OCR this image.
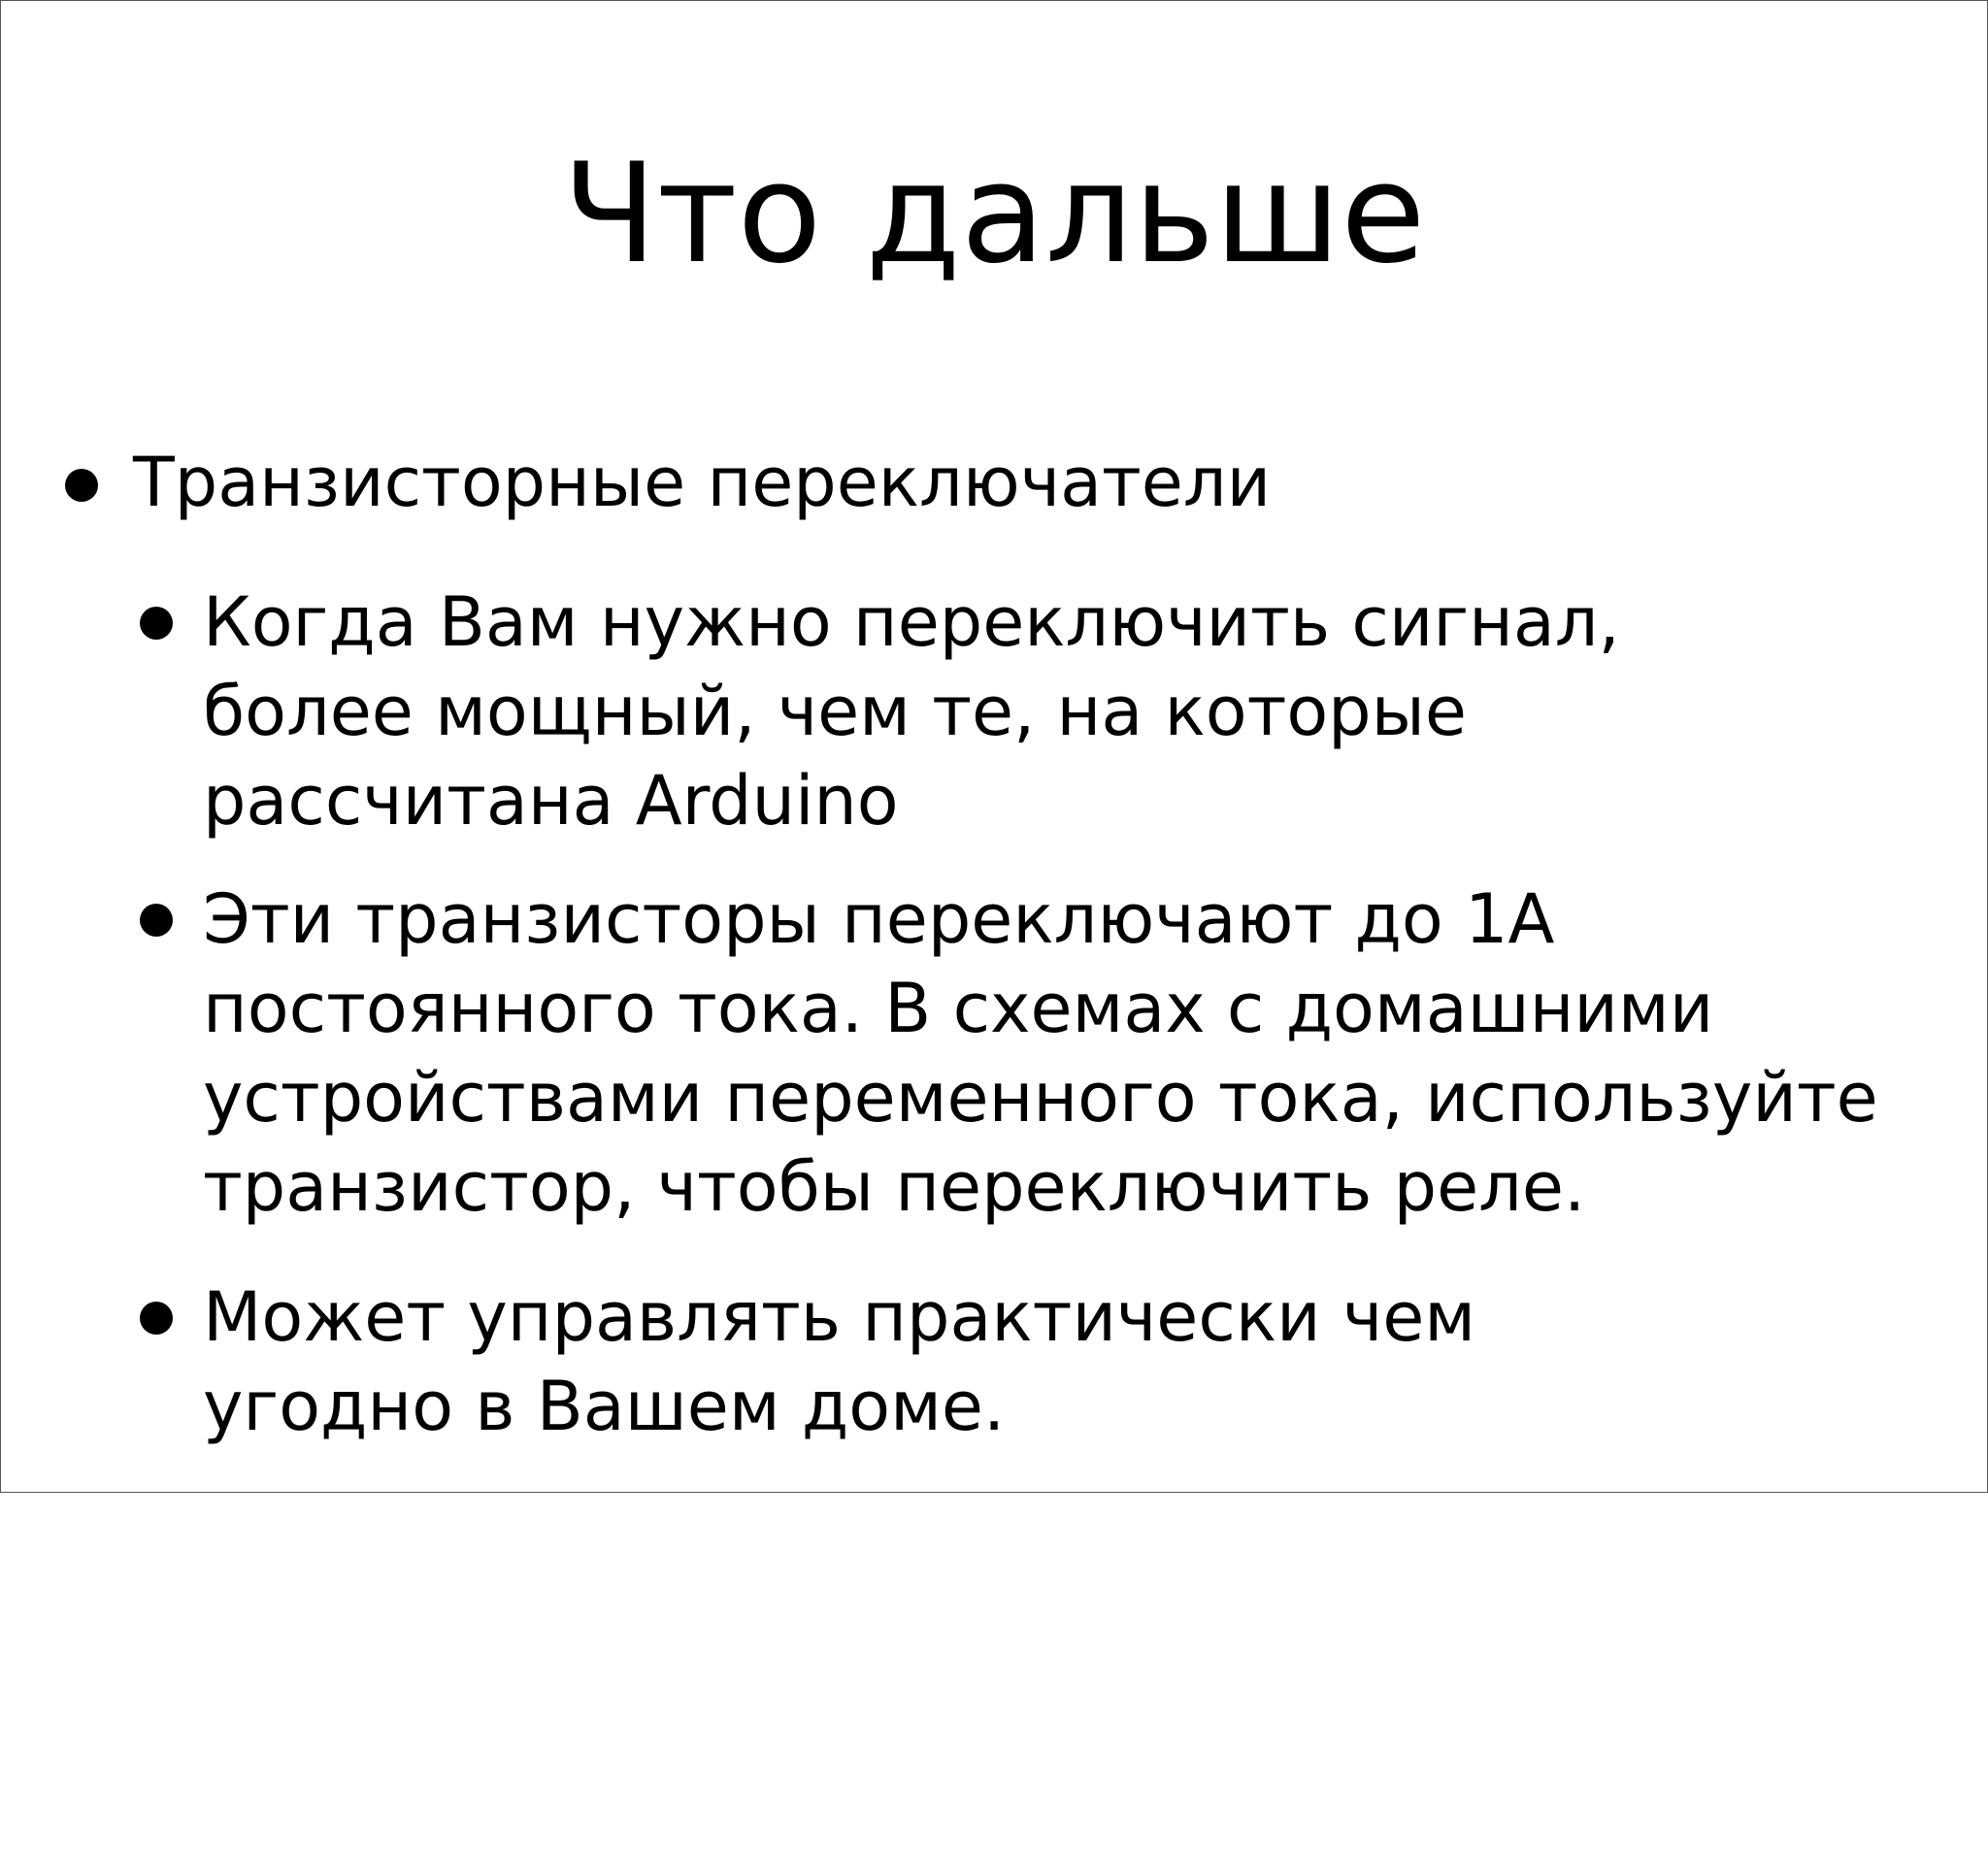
Что дальше

Транзисторные переключатели

Когда Вам нужно переключить сигнал,
более мощный, чем те, на которые
рассчитана Arduino

Эти транзисторы переключают до 1А
постоянного тока. В схемах с домашними
устройствами переменного тока, используйте
транзистор, чтобы переключить реле.

Может управлять практически чем
угодно в Вашем доме.
